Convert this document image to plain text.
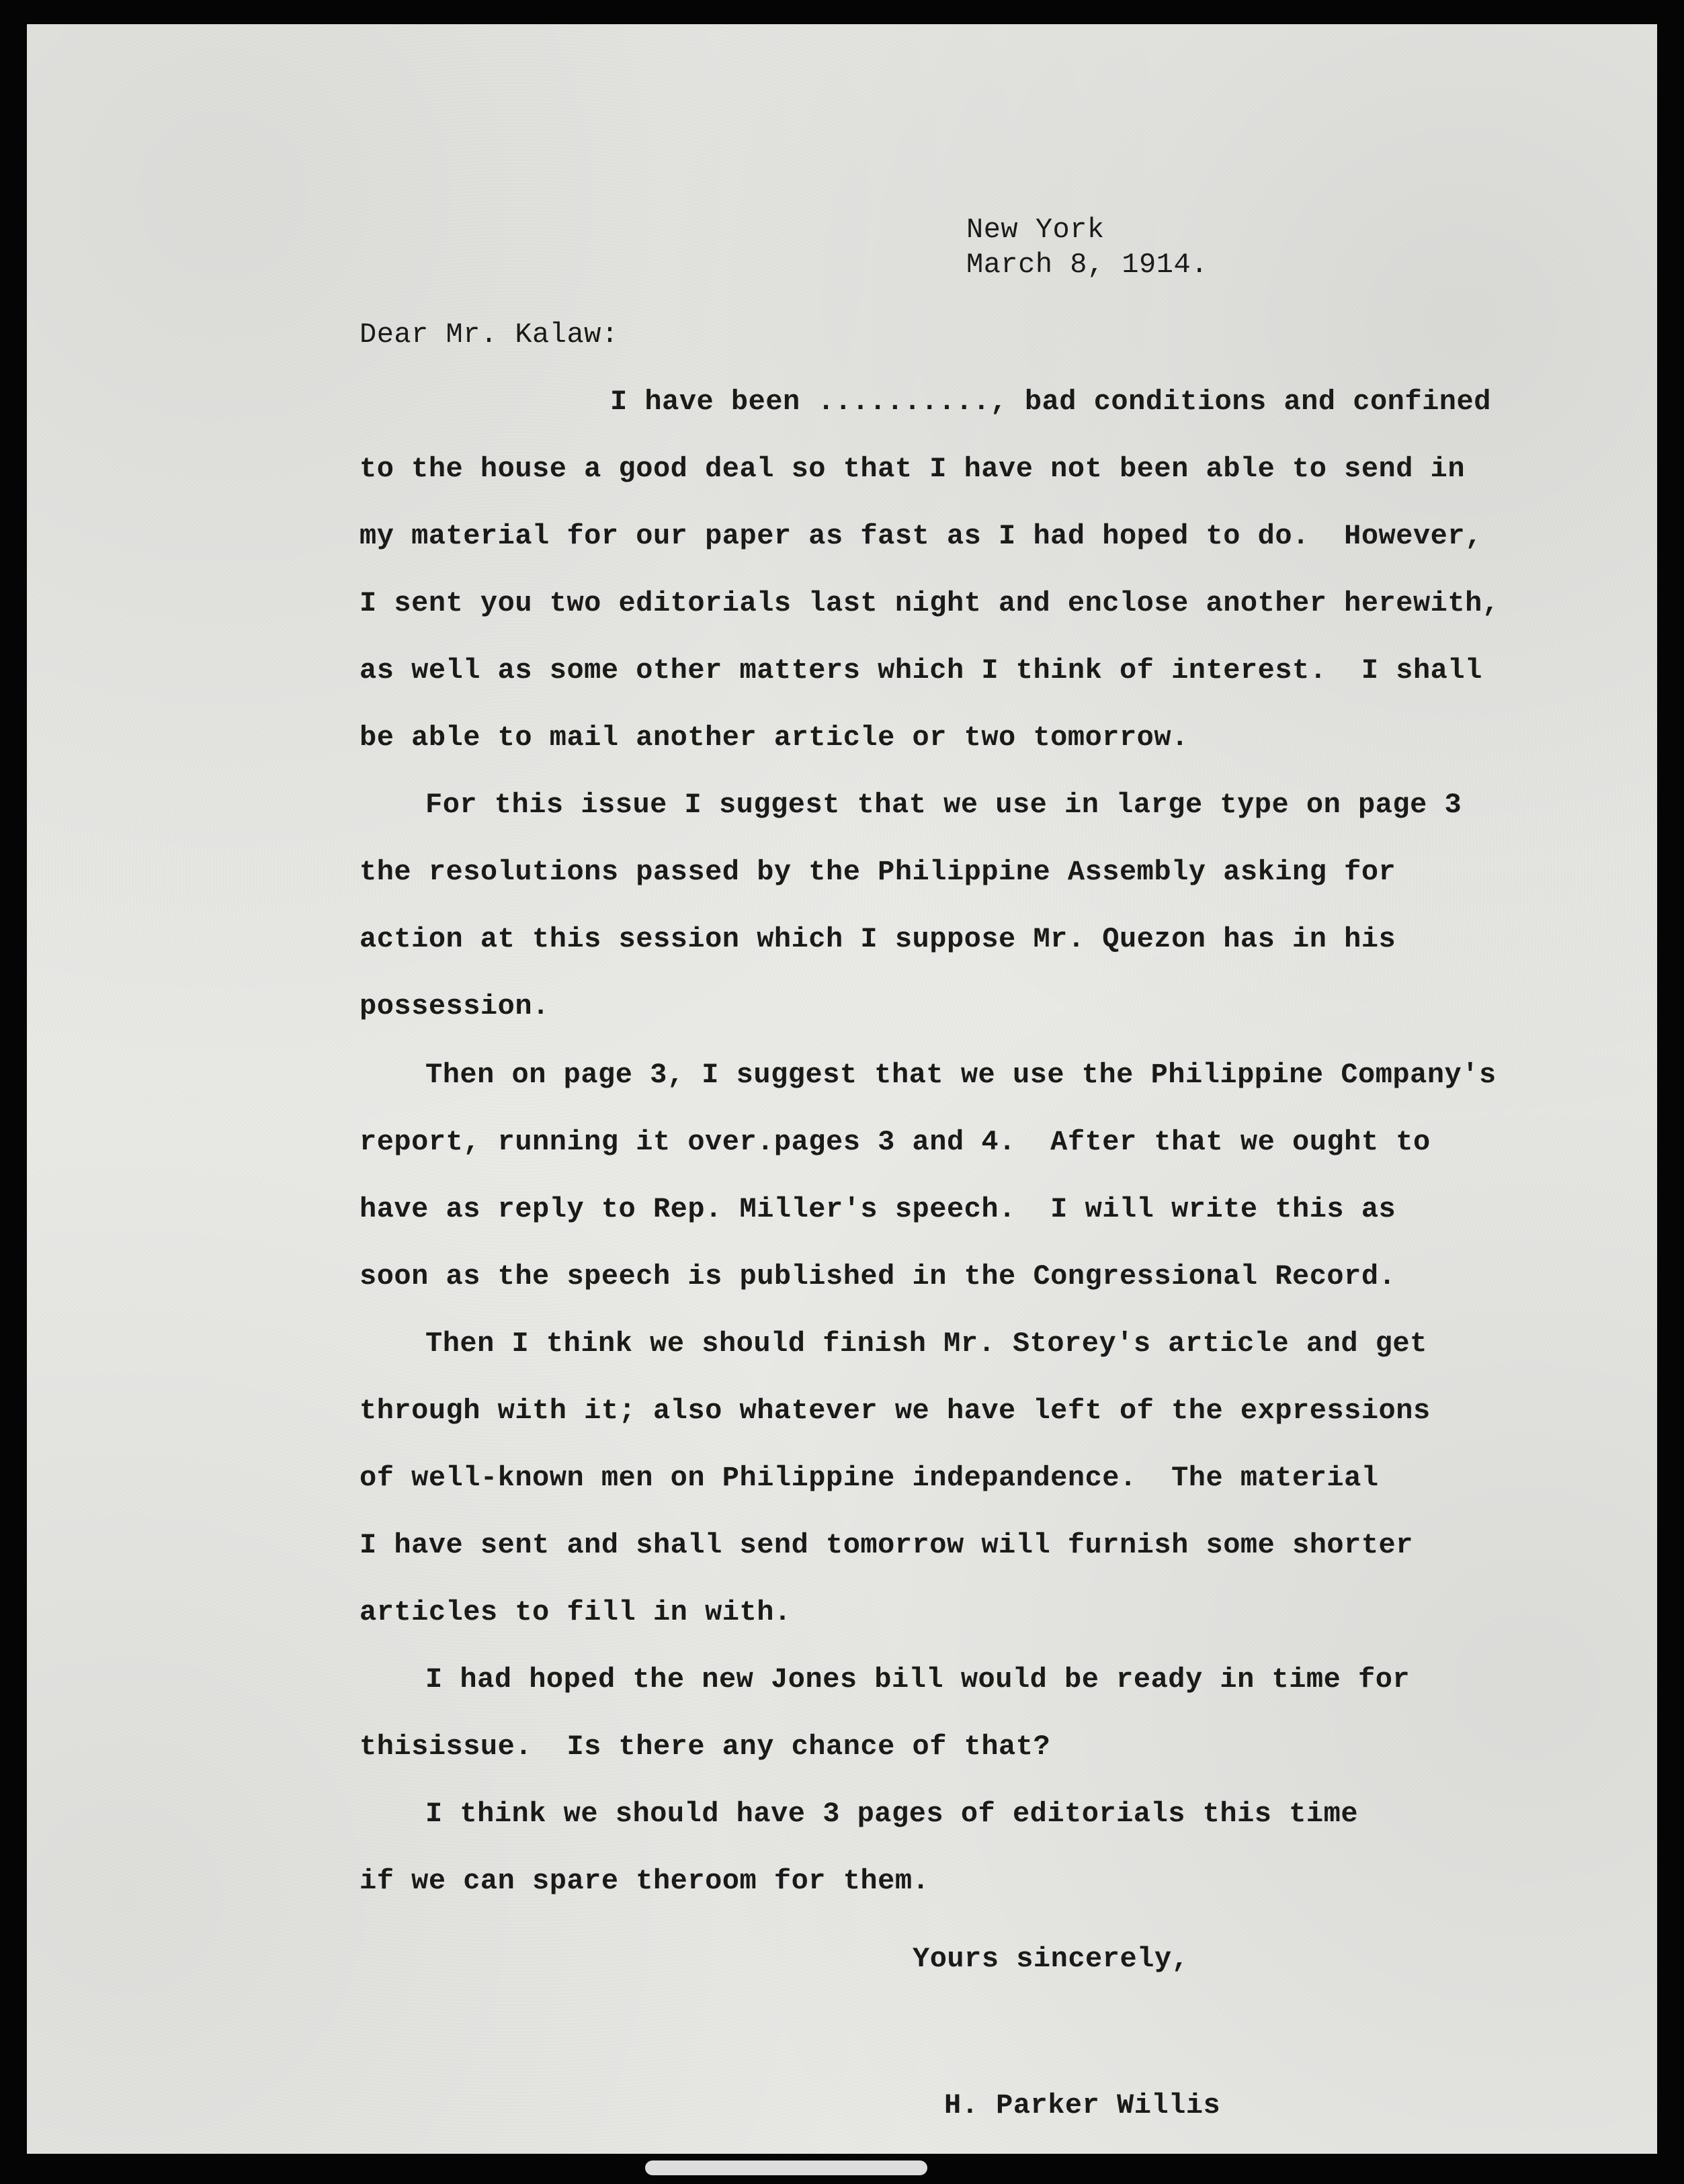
New York

March 8, 1914.

Dear Mr. Kalaw:

I have been .........., bad conditions and confined

to the house a good deal so that I have not been able to send in

my material for our paper as fast as I had hoped to do.  However,

I sent you two editorials last night and enclose another herewith,

as well as some other matters which I think of interest.  I shall

be able to mail another article or two tomorrow.

For this issue I suggest that we use in large type on page 3

the resolutions passed by the Philippine Assembly asking for

action at this session which I suppose Mr. Quezon has in his

possession.

Then on page 3, I suggest that we use the Philippine Company's

report, running it over.pages 3 and 4.  After that we ought to

have as reply to Rep. Miller's speech.  I will write this as

soon as the speech is published in the Congressional Record.

Then I think we should finish Mr. Storey's article and get

through with it; also whatever we have left of the expressions

of well-known men on Philippine indepandence.  The material

I have sent and shall send tomorrow will furnish some shorter

articles to fill in with.

I had hoped the new Jones bill would be ready in time for

thisissue.  Is there any chance of that?

I think we should have 3 pages of editorials this time

if we can spare theroom for them.

Yours sincerely,

H. Parker Willis
